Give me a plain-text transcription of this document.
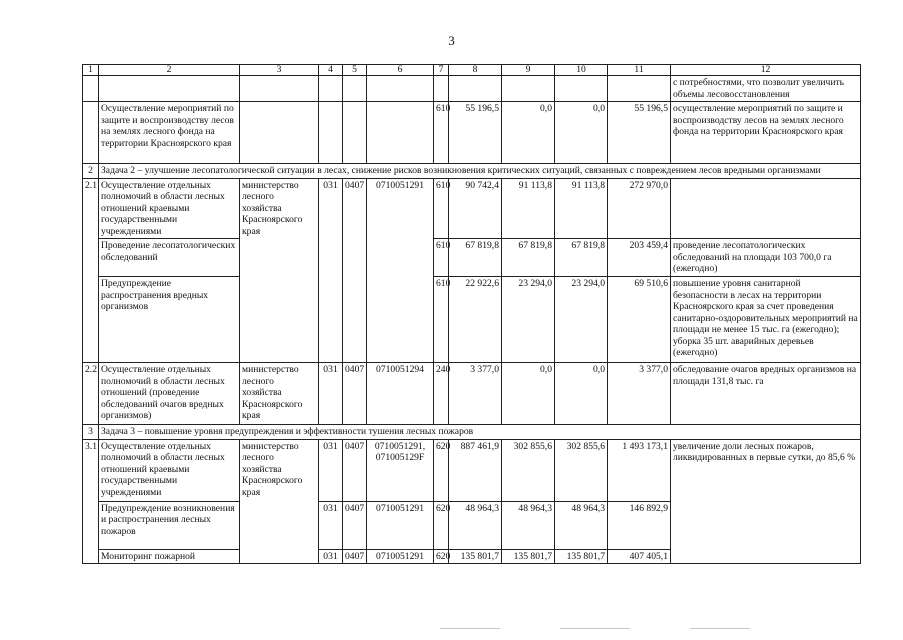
3
1	2	3	4	5	6	7	8	9	10	11	12
											с потребностями, что позволит увеличить объемы лесовосстановления
	Осуществление мероприятий по защите и воспроизводству лесов на землях лесного фонда на территории Красноярского края					610	55 196,5	0,0	0,0	55 196,5	осуществление мероприятий по защите и воспроизводству лесов на землях лесного фонда на территории Красноярского края
2	Задача 2 – улучшение лесопатологической ситуации в лесах, снижение рисков возникновения критических ситуаций, связанных с повреждением лесов вредными организмами										
2.1	Осуществление отдельных полномочий в области лесных отношений краевыми государственными учреждениями	министерство лесного хозяйства Красноярского края	031	0407	0710051291	610	90 742,4	91 113,8	91 113,8	272 970,0	
	Проведение лесопатологических обследований					610	67 819,8	67 819,8	67 819,8	203 459,4	проведение лесопатологических обследований на площади 103 700,0 га (ежегодно)
	Предупреждение распространения вредных организмов					610	22 922,6	23 294,0	23 294,0	69 510,6	повышение уровня санитарной безопасности в лесах на территории Красноярского края за счет проведения санитарно-оздоровительных мероприятий на площади не менее 15 тыс. га (ежегодно); уборка 35 шт. аварийных деревьев (ежегодно)
2.2	Осуществление отдельных полномочий в области лесных отношений (проведение обследований очагов вредных организмов)	министерство лесного хозяйства Красноярского края	031	0407	0710051294	240	3 377,0	0,0	0,0	3 377,0	обследование очагов вредных организмов на площади 131,8 тыс. га
3	Задача 3 – повышение уровня предупреждения и эффективности тушения лесных пожаров										
3.1	Осуществление отдельных полномочий в области лесных отношений краевыми государственными учреждениями	министерство лесного хозяйства Красноярского края	031	0407	0710051291, 071005129F	620	887 461,9	302 855,6	302 855,6	1 493 173,1	увеличение доли лесных пожаров, ликвидированных в первые сутки, до 85,6 %
	Предупреждение возникновения и распространения лесных пожаров		031	0407	0710051291	620	48 964,3	48 964,3	48 964,3	146 892,9	
	Мониторинг пожарной		031	0407	0710051291	620	135 801,7	135 801,7	135 801,7	407 405,1	
